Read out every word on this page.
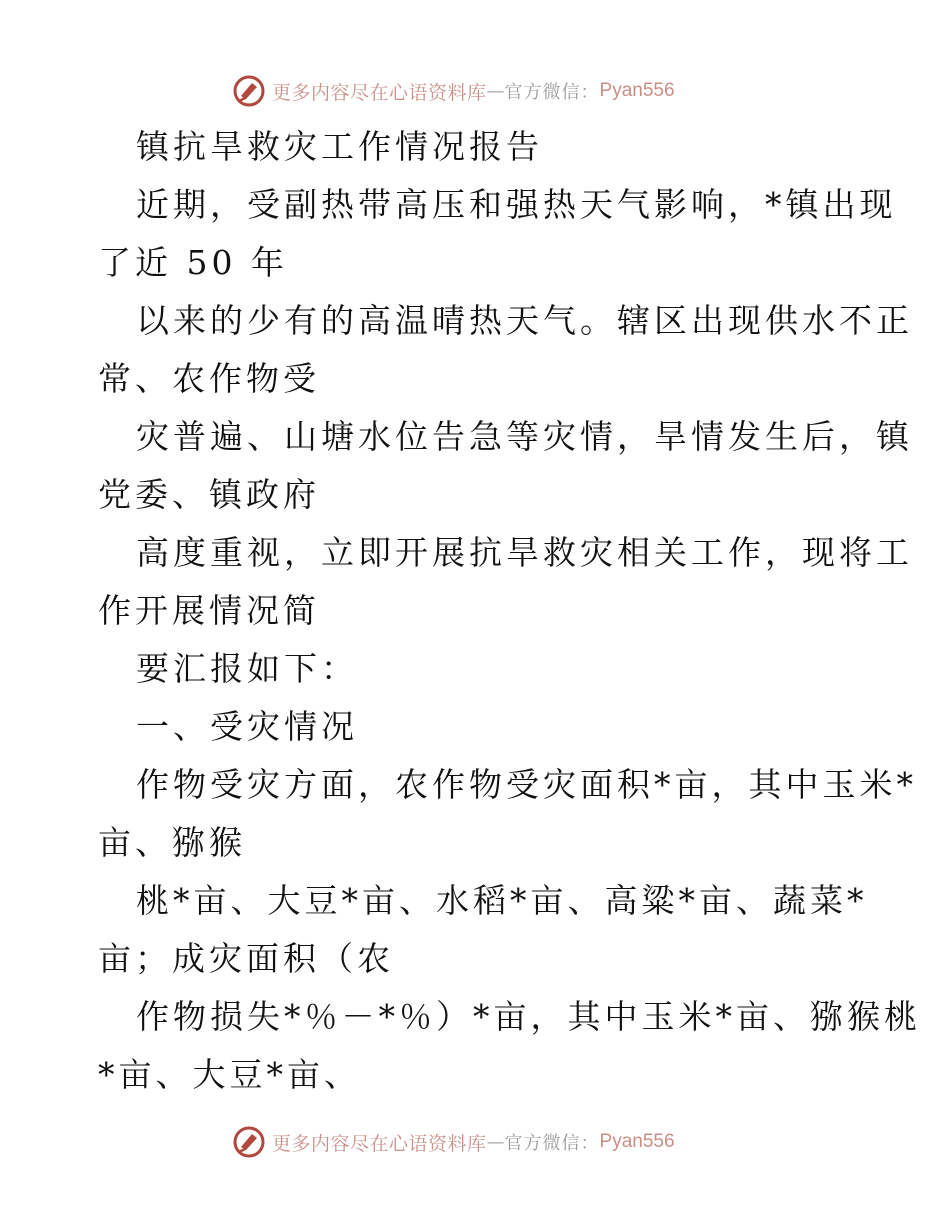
更多内容尽在心语资料库 — 官方微信： Pyan556
镇抗旱救灾工作情况报告
近期，受副热带高压和强热天气影响，*镇出现
了近 50 年
以来的少有的高温晴热天气。辖区出现供水不正
常、农作物受
灾普遍、山塘水位告急等灾情，旱情发生后，镇
党委、镇政府
高度重视，立即开展抗旱救灾相关工作，现将工
作开展情况简
要汇报如下：
一、受灾情况
作物受灾方面，农作物受灾面积*亩，其中玉米*
亩、猕猴
桃*亩、大豆*亩、水稻*亩、高粱*亩、蔬菜*
亩；成灾面积（农
作物损失*％－*％）*亩，其中玉米*亩、猕猴桃
*亩、大豆*亩、
更多内容尽在心语资料库 — 官方微信： Pyan556
